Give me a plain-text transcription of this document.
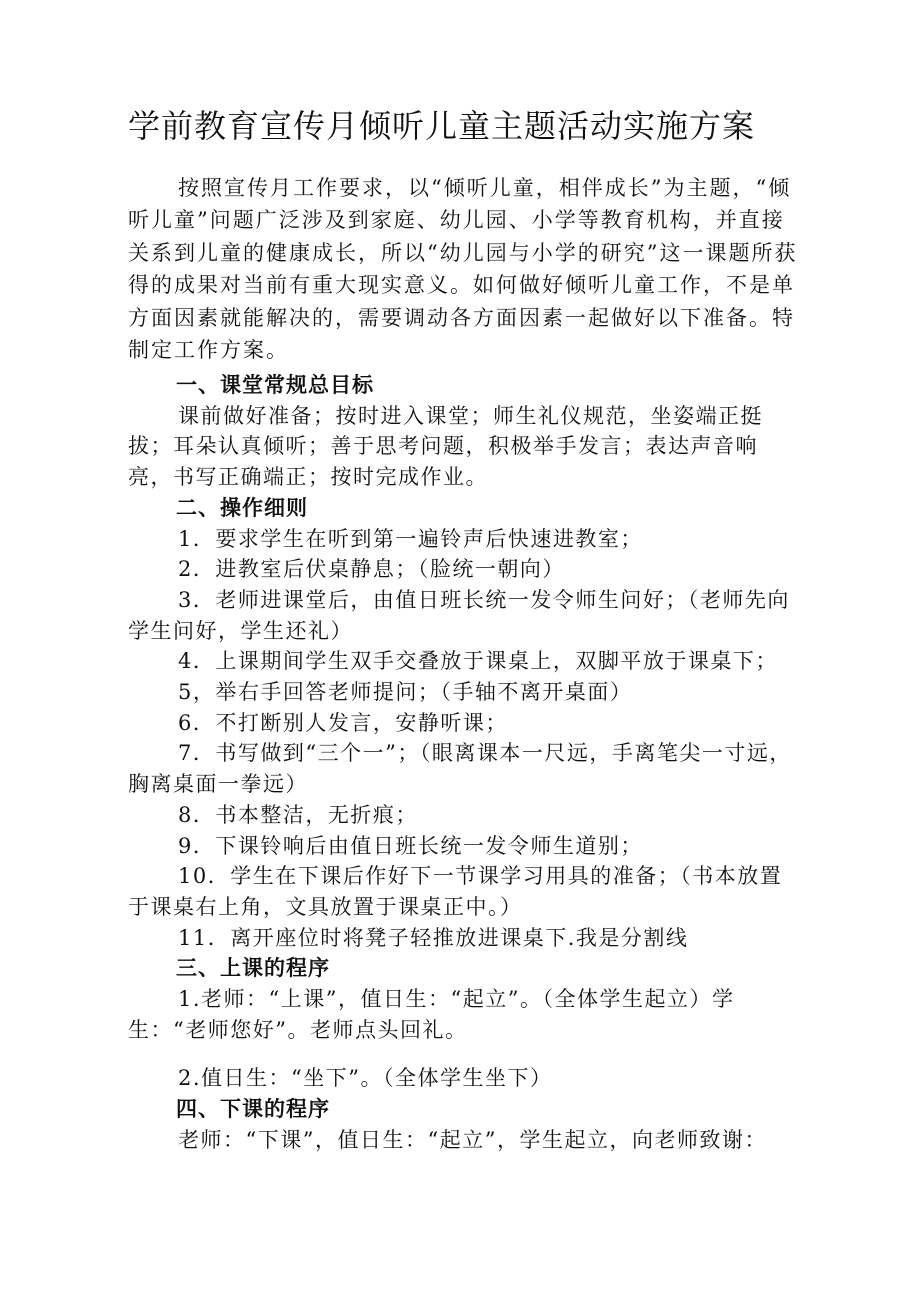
学前教育宣传月倾听儿童主题活动实施方案

按照宣传月工作要求，以“倾听儿童，相伴成长”为主题，“倾听儿童”问题广泛涉及到家庭、幼儿园、小学等教育机构，并直接关系到儿童的健康成长，所以“幼儿园与小学的研究”这一课题所获得的成果对当前有重大现实意义。如何做好倾听儿童工作，不是单方面因素就能解决的，需要调动各方面因素一起做好以下准备。特制定工作方案。

一、课堂常规总目标

课前做好准备；按时进入课堂；师生礼仪规范，坐姿端正挺拔；耳朵认真倾听；善于思考问题，积极举手发言；表达声音响亮，书写正确端正；按时完成作业。

二、操作细则

1．要求学生在听到第一遍铃声后快速进教室；

2．进教室后伏桌静息；（脸统一朝向）

3．老师进课堂后，由值日班长统一发令师生问好；（老师先向学生问好，学生还礼）

4．上课期间学生双手交叠放于课桌上，双脚平放于课桌下；

5，举右手回答老师提问；（手轴不离开桌面）

6．不打断别人发言，安静听课；

7．书写做到“三个一”；（眼离课本一尺远，手离笔尖一寸远，胸离桌面一拳远）

8．书本整洁，无折痕；

9．下课铃响后由值日班长统一发令师生道别；

10．学生在下课后作好下一节课学习用具的准备；（书本放置于课桌右上角，文具放置于课桌正中。）

11．离开座位时将凳子轻推放进课桌下.我是分割线

三、上课的程序

1.老师：“上课”，值日生：“起立”。（全体学生起立）学生：“老师您好”。老师点头回礼。

2.值日生：“坐下”。（全体学生坐下）

四、下课的程序

老师：“下课”，值日生：“起立”，学生起立，向老师致谢：
